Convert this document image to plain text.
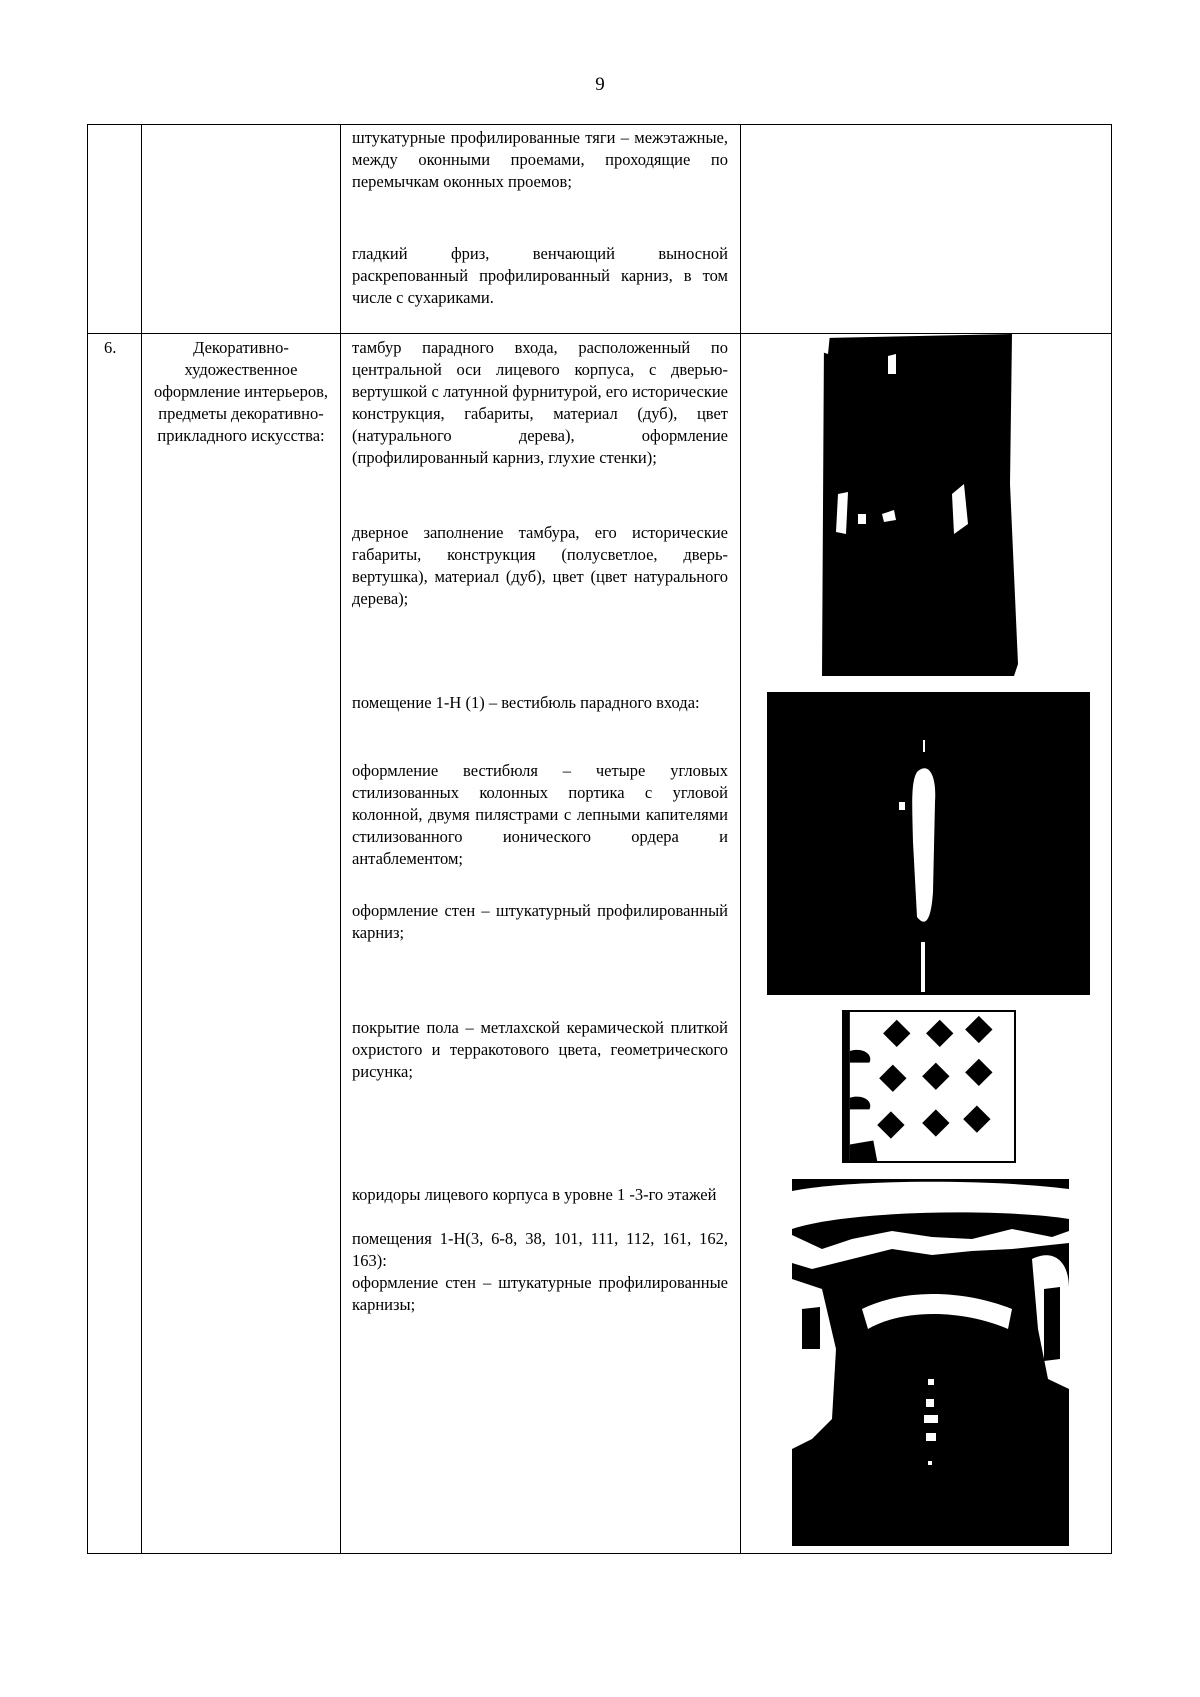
9

штукатурные профилированные тяги – межэтажные, между оконными проемами, проходящие по перемычкам оконных проемов;

гладкий фриз, венчающий выносной раскрепованный профилированный карниз, в том числе с сухариками.

6.	Декоративно-художественное оформление интерьеров, предметы декоративно-прикладного искусства:

тамбур парадного входа, расположенный по центральной оси лицевого корпуса, с дверью-вертушкой с латунной фурнитурой, его исторические конструкция, габариты, материал (дуб), цвет (натурального дерева), оформление (профилированный карниз, глухие стенки);

дверное заполнение тамбура, его исторические габариты, конструкция (полусветлое, дверь-вертушка), материал (дуб), цвет (цвет натурального дерева);

помещение 1-Н (1) – вестибюль парадного входа:

оформление вестибюля – четыре угловых стилизованных колонных портика с угловой колонной, двумя пилястрами с лепными капителями стилизованного ионического ордера и антаблементом;

оформление стен – штукатурный профилированный карниз;

покрытие пола – метлахской керамической плиткой охристого и терракотового цвета, геометрического рисунка;

коридоры лицевого корпуса в уровне 1 -3-го этажей

помещения 1-Н(3, 6-8, 38, 101, 111, 112, 161, 162, 163):

оформление стен – штукатурные профилированные карнизы;
